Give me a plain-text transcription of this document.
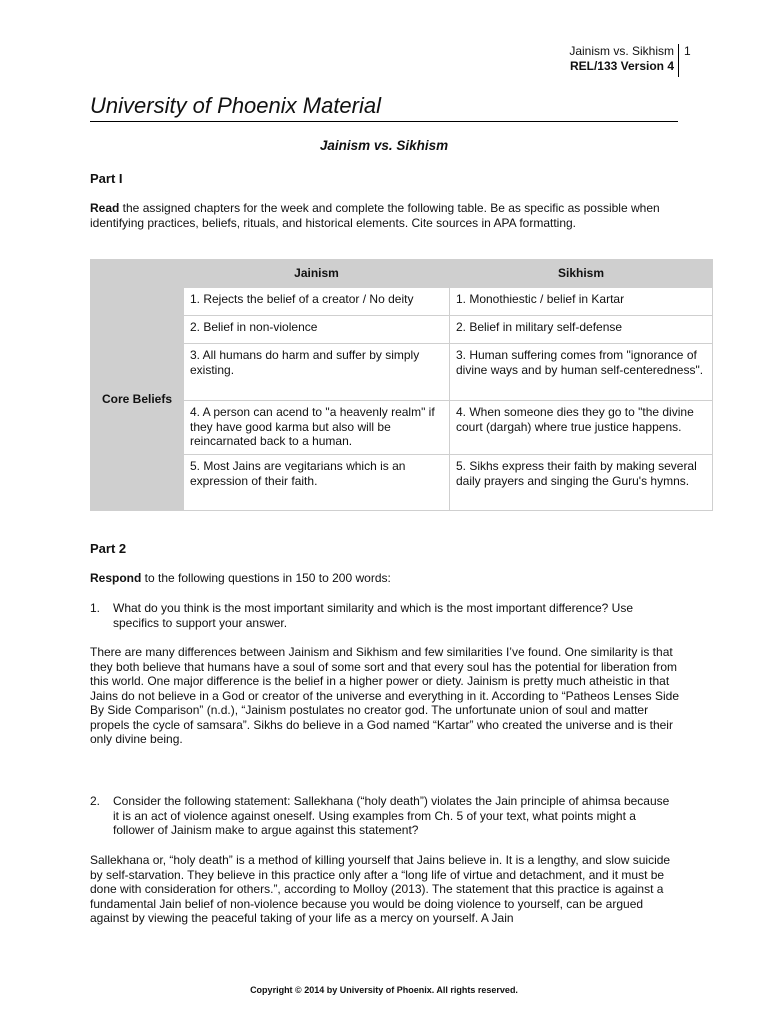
Jainism vs. Sikhism
REL/133 Version 4
1
University of Phoenix Material
Jainism vs. Sikhism
Part I
Read the assigned chapters for the week and complete the following table. Be as specific as possible when identifying practices, beliefs, rituals, and historical elements. Cite sources in APA formatting.
	Jainism	Sikhism
Core Beliefs	1. Rejects the belief of a creator / No deity	1. Monothiestic / belief in Kartar
	2. Belief in non-violence	2. Belief in military self-defense
	3. All humans do harm and suffer by simply existing.	3. Human suffering comes from "ignorance of divine ways and by human self-centeredness".
	4. A person can acend to "a heavenly realm" if they have good karma but also will be reincarnated back to a human.	4. When someone dies they go to "the divine court (dargah) where true justice happens.
	5. Most Jains are vegitarians which is an expression of their faith.	5. Sikhs express their faith by making several daily prayers and singing the Guru's hymns.
Part 2
Respond to the following questions in 150 to 200 words:
1. What do you think is the most important similarity and which is the most important difference? Use specifics to support your answer.
There are many differences between Jainism and Sikhism and few similarities I’ve found. One similarity is that they both believe that humans have a soul of some sort and that every soul has the potential for liberation from this world. One major difference is the belief in a higher power or diety. Jainism is pretty much atheistic in that Jains do not believe in a God or creator of the universe and everything in it. According to “Patheos Lenses Side By Side Comparison” (n.d.), “Jainism postulates no creator god. The unfortunate union of soul and matter propels the cycle of samsara”. Sikhs do believe in a God named “Kartar” who created the universe and is their only divine being.
2. Consider the following statement: Sallekhana (“holy death”) violates the Jain principle of ahimsa because it is an act of violence against oneself. Using examples from Ch. 5 of your text, what points might a follower of Jainism make to argue against this statement?
Sallekhana or, “holy death” is a method of killing yourself that Jains believe in. It is a lengthy, and slow suicide by self-starvation. They believe in this practice only after a “long life of virtue and detachment, and it must be done with consideration for others.”, according to Molloy (2013). The statement that this practice is against a fundamental Jain belief of non-violence because you would be doing violence to yourself, can be argued against by viewing the peaceful taking of your life as a mercy on yourself. A Jain
Copyright © 2014 by University of Phoenix. All rights reserved.
